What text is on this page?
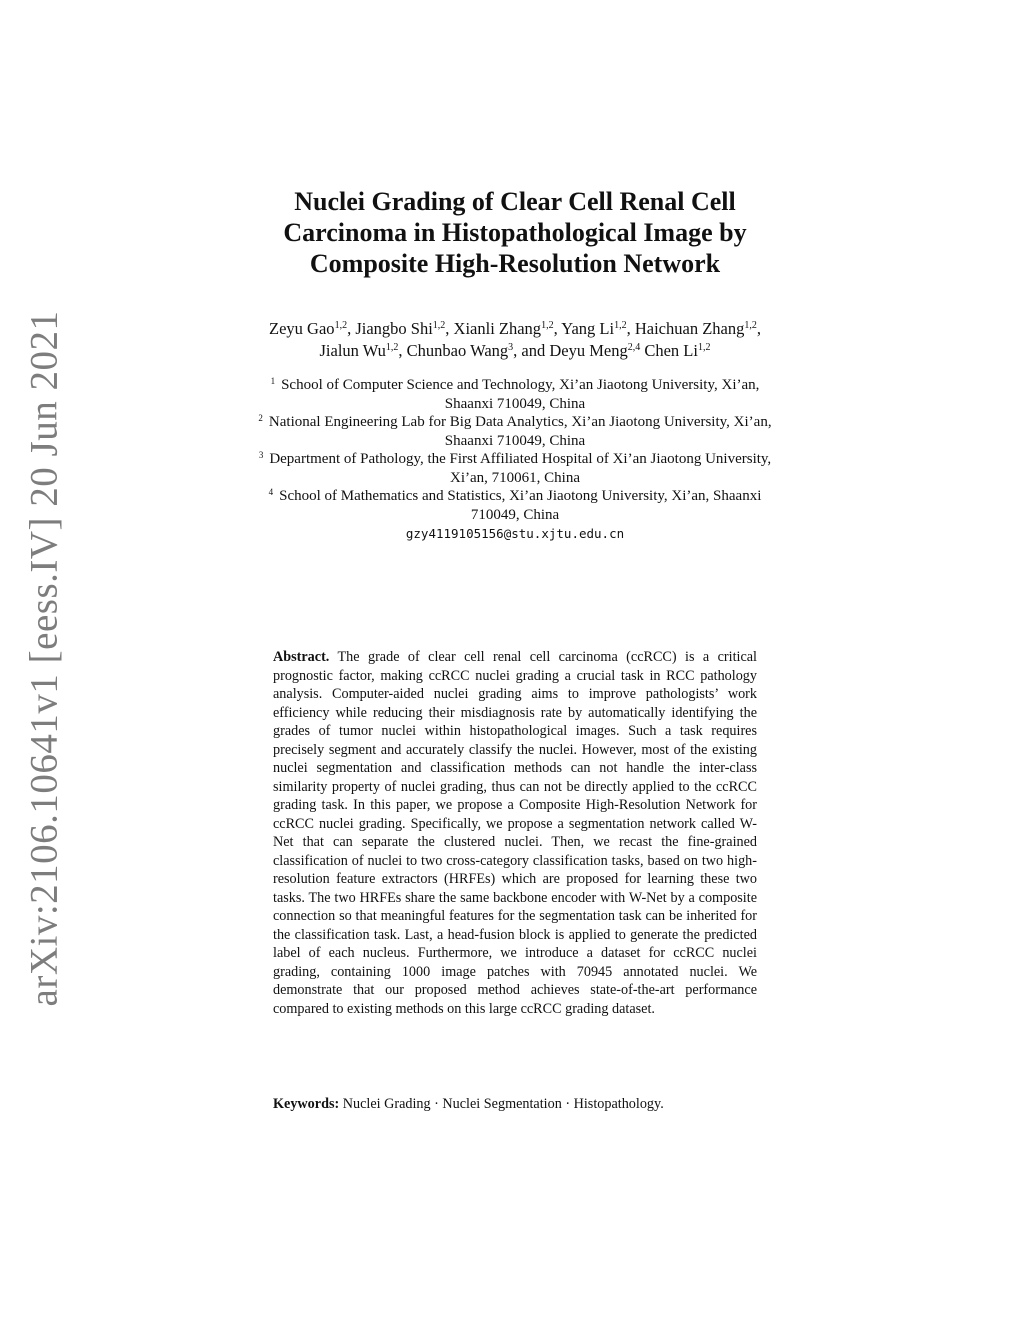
arXiv:2106.10641v1 [eess.IV] 20 Jun 2021
Nuclei Grading of Clear Cell Renal Cell
Carcinoma in Histopathological Image by
Composite High-Resolution Network
Zeyu Gao$^{1,2}$, Jiangbo Shi$^{1,2}$, Xianli Zhang$^{1,2}$, Yang Li$^{1,2}$, Haichuan Zhang$^{1,2}$,
Jialun Wu$^{1,2}$, Chunbao Wang$^3$, and Deyu Meng$^{2,4}$ Chen Li$^{1,2}$
$^1$ School of Computer Science and Technology, Xi’an Jiaotong University, Xi’an,
Shaanxi 710049, China
$^2$ National Engineering Lab for Big Data Analytics, Xi’an Jiaotong University, Xi’an,
Shaanxi 710049, China
$^3$ Department of Pathology, the First Affiliated Hospital of Xi’an Jiaotong University,
Xi’an, 710061, China
$^4$ School of Mathematics and Statistics, Xi’an Jiaotong University, Xi’an, Shaanxi
710049, China
gzy4119105156@stu.xjtu.edu.cn

Abstract. The grade of clear cell renal cell carcinoma (ccRCC) is a critical prognostic factor, making ccRCC nuclei grading a crucial task in RCC pathology analysis. Computer-aided nuclei grading aims to improve pathologists’ work efficiency while reducing their misdiagnosis rate by automatically identifying the grades of tumor nuclei within histopathological images. Such a task requires precisely segment and accurately classify the nuclei. However, most of the existing nuclei segmentation and classification methods can not handle the inter-class similarity property of nuclei grading, thus can not be directly applied to the ccRCC grading task. In this paper, we propose a Composite High-Resolution Network for ccRCC nuclei grading. Specifically, we propose a segmentation network called W-Net that can separate the clustered nuclei. Then, we recast the fine-grained classification of nuclei to two cross-category classification tasks, based on two high-resolution feature extractors (HRFEs) which are proposed for learning these two tasks. The two HRFEs share the same backbone encoder with W-Net by a composite connection so that meaningful features for the segmentation task can be inherited for the classification task. Last, a head-fusion block is applied to generate the predicted label of each nucleus. Furthermore, we introduce a dataset for ccRCC nuclei grading, containing 1000 image patches with 70945 annotated nuclei. We demonstrate that our proposed method achieves state-of-the-art performance compared to existing methods on this large ccRCC grading dataset.

Keywords: Nuclei Grading · Nuclei Segmentation · Histopathology.
